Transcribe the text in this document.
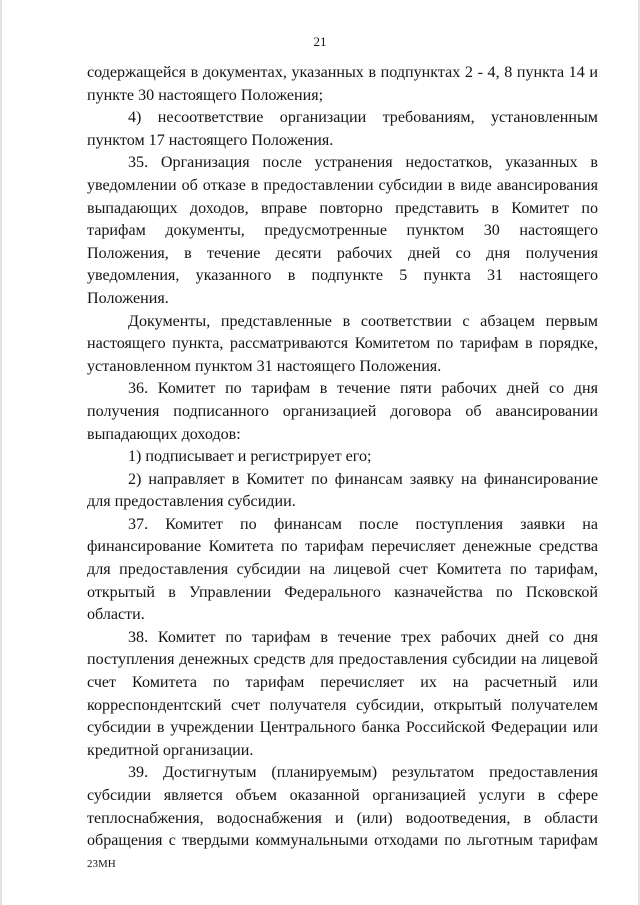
21

содержащейся в документах, указанных в подпунктах 2 - 4, 8 пункта 14 и пункте 30 настоящего Положения;

4) несоответствие организации требованиям, установленным пунктом 17 настоящего Положения.

35. Организация после устранения недостатков, указанных в уведомлении об отказе в предоставлении субсидии в виде авансирования выпадающих доходов, вправе повторно представить в Комитет по тарифам документы, предусмотренные пунктом 30 настоящего Положения, в течение десяти рабочих дней со дня получения уведомления, указанного в подпункте 5 пункта 31 настоящего Положения.

Документы, представленные в соответствии с абзацем первым настоящего пункта, рассматриваются Комитетом по тарифам в порядке, установленном пунктом 31 настоящего Положения.

36. Комитет по тарифам в течение пяти рабочих дней со дня получения подписанного организацией договора об авансировании выпадающих доходов:

1) подписывает и регистрирует его;

2) направляет в Комитет по финансам заявку на финансирование для предоставления субсидии.

37. Комитет по финансам после поступления заявки на финансирование Комитета по тарифам перечисляет денежные средства для предоставления субсидии на лицевой счет Комитета по тарифам, открытый в Управлении Федерального казначейства по Псковской области.

38. Комитет по тарифам в течение трех рабочих дней со дня поступления денежных средств для предоставления субсидии на лицевой счет Комитета по тарифам перечисляет их на расчетный или корреспондентский счет получателя субсидии, открытый получателем субсидии в учреждении Центрального банка Российской Федерации или кредитной организации.

39. Достигнутым (планируемым) результатом предоставления субсидии является объем оказанной организацией услуги в сфере теплоснабжения, водоснабжения и (или) водоотведения, в области обращения с твердыми коммунальными отходами по льготным тарифам

23МН
